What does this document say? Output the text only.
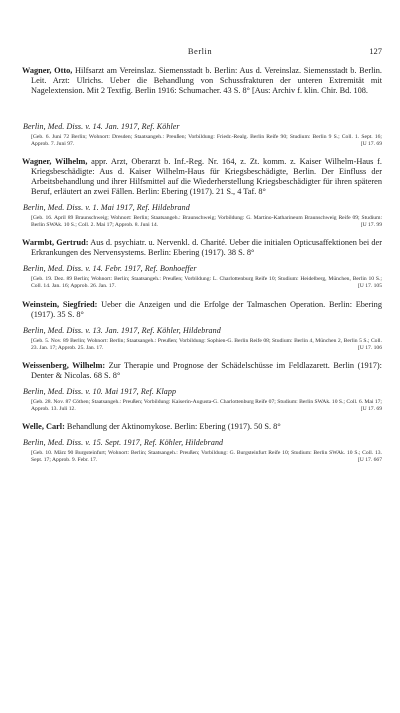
Berlin	127
Wagner, Otto, Hilfsarzt am Vereinslaz. Siemensstadt b. Berlin: Aus d. Vereinslaz. Siemensstadt b. Berlin. Leit. Arzt: Ulrichs. Ueber die Behandlung von Schussfrakturen der unteren Extremität mit Nagelextension. Mit 2 Textfig. Berlin 1916: Schumacher. 43 S. 8° [Aus: Archiv f. klin. Chir. Bd. 108.
Berlin, Med. Diss. v. 14. Jan. 1917, Ref. Köhler
[Geb. 6. Juni 72 Berlin; Wohnort: Dresden; Staatsangeh.: Preußen; Vorbildung: Friedr.-Realg. Berlin Reife 90; Studium: Berlin 9 S.; Coll. 1. Sept. 16; Approb. 7. Juni 97.	[U 17. 69
Wagner, Wilhelm, appr. Arzt, Oberarzt b. Inf.-Reg. Nr. 164, z. Zt. komm. z. Kaiser Wilhelm-Haus f. Kriegsbeschädigte: Aus d. Kaiser Wilhelm-Haus für Kriegsbeschädigte, Berlin. Der Einfluss der Arbeitsbehandlung und ihrer Hilfsmittel auf die Wiederherstellung Kriegsbeschädigter für ihren späteren Beruf, erläutert an zwei Fällen. Berlin: Ebering (1917). 21 S., 4 Taf. 8°
Berlin, Med. Diss. v. 1. Mai 1917, Ref. Hildebrand
[Geb. 16. April 89 Braunschweig; Wohnort: Berlin; Staatsangeh.: Braunschweig; Vorbildung: G. Martino-Katharineum Braunschweig Reife 09; Studium: Berlin SWAk. 10 S.; Coll. 2. Mai 17; Approb. 8. Juni 14.	[U 17. 99
Warmbt, Gertrud: Aus d. psychiatr. u. Nervenkl. d. Charité. Ueber die initialen Opticusaffektionen bei der Erkrankungen des Nervensystems. Berlin: Ebering (1917). 38 S. 8°
Berlin, Med. Diss. v. 14. Febr. 1917, Ref. Bonhoeffer
[Geb. 19. Dez. 89 Berlin; Wohnort: Berlin; Staatsangeh.: Preußen; Vorbildung: L. Charlottenburg Reife 10; Studium: Heidelberg, München, Berlin 10 S.; Coll. 14. Jan. 16; Approb. 26. Jan. 17.	[U 17. 105
Weinstein, Siegfried: Ueber die Anzeigen und die Erfolge der Talmaschen Operation. Berlin: Ebering (1917). 35 S. 8°
Berlin, Med. Diss. v. 13. Jan. 1917, Ref. Köhler, Hildebrand
[Geb. 5. Nov. 89 Berlin; Wohnort: Berlin; Staatsangeh.: Preußen; Vorbildung: Sophien-G. Berlin Reife 08; Studium: Berlin 4, München 2, Berlin 5 S.; Coll. 23. Jan. 17; Approb. 25. Jan. 17.	[U 17. 106
Weissenberg, Wilhelm: Zur Therapie und Prognose der Schädelschüsse im Feldlazarett. Berlin (1917): Denter & Nicolas. 68 S. 8°
Berlin, Med. Diss. v. 10. Mai 1917, Ref. Klapp
[Geb. 28. Nov. 87 Cöthen; Staatsangeh.: Preußen; Vorbildung: Kaiserin-Augusta-G. Charlottenburg Reife 07; Studium: Berlin SWAk. 10 S.; Coll. 6. Mai 17; Approb. 13. Juli 12.	[U 17. 69
Welle, Carl: Behandlung der Aktinomykose. Berlin: Ebering (1917). 50 S. 8°
Berlin, Med. Diss. v. 15. Sept. 1917, Ref. Köhler, Hildebrand
[Geb. 10. März 90 Burgsteinfurt; Wohnort: Berlin; Staatsangeh.: Preußen; Vorbildung: G. Burgsteinfurt Reife 10; Studium: Berlin SWAk. 10 S.; Coll. 13. Sept. 17; Approb. 9. Febr. 17.	[U 17. 667
